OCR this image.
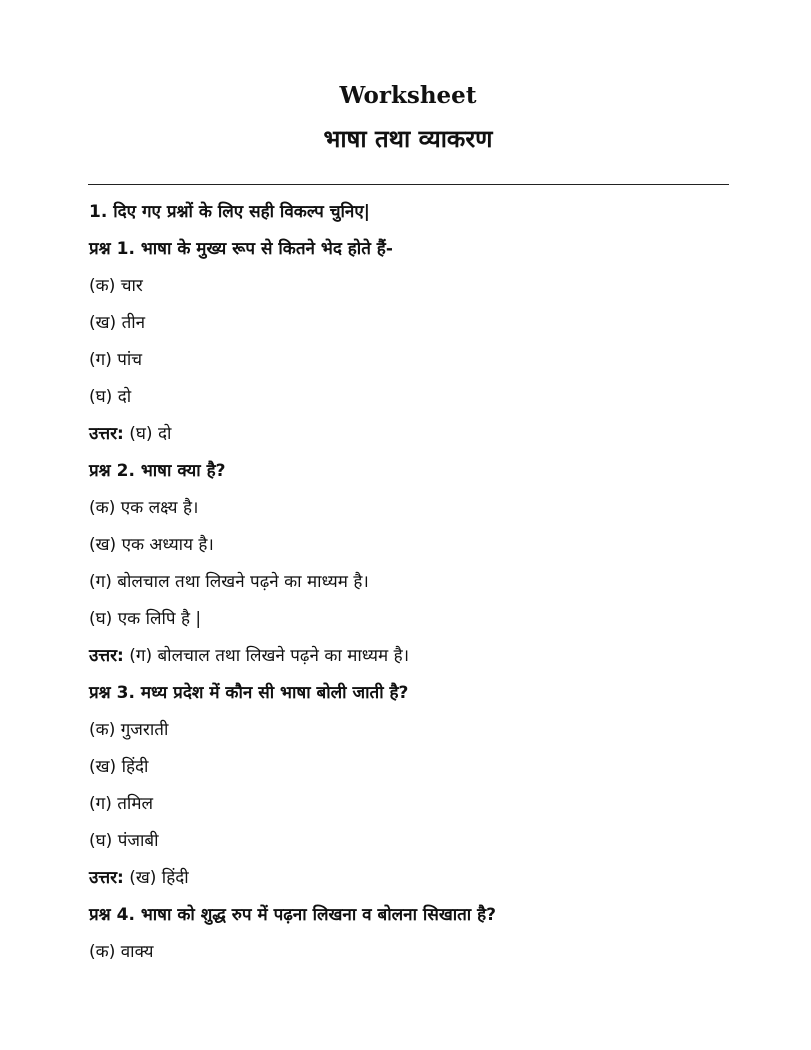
Worksheet
भाषा तथा व्याकरण
1. दिए गए प्रश्नों के लिए सही विकल्प चुनिए|
प्रश्न 1. भाषा के मुख्य रूप से कितने भेद होते हैं-
(क) चार
(ख) तीन
(ग) पांच
(घ) दो
उत्तर: (घ) दो
प्रश्न 2. भाषा क्या है?
(क) एक लक्ष्य है।
(ख) एक अध्याय है।
(ग) बोलचाल तथा लिखने पढ़ने का माध्यम है।
(घ) एक लिपि है |
उत्तर: (ग) बोलचाल तथा लिखने पढ़ने का माध्यम है।
प्रश्न 3. मध्य प्रदेश में कौन सी भाषा बोली जाती है?
(क) गुजराती
(ख) हिंदी
(ग) तमिल
(घ) पंजाबी
उत्तर: (ख) हिंदी
प्रश्न 4. भाषा को शुद्ध रुप में पढ़ना लिखना व बोलना सिखाता है?
(क) वाक्य
